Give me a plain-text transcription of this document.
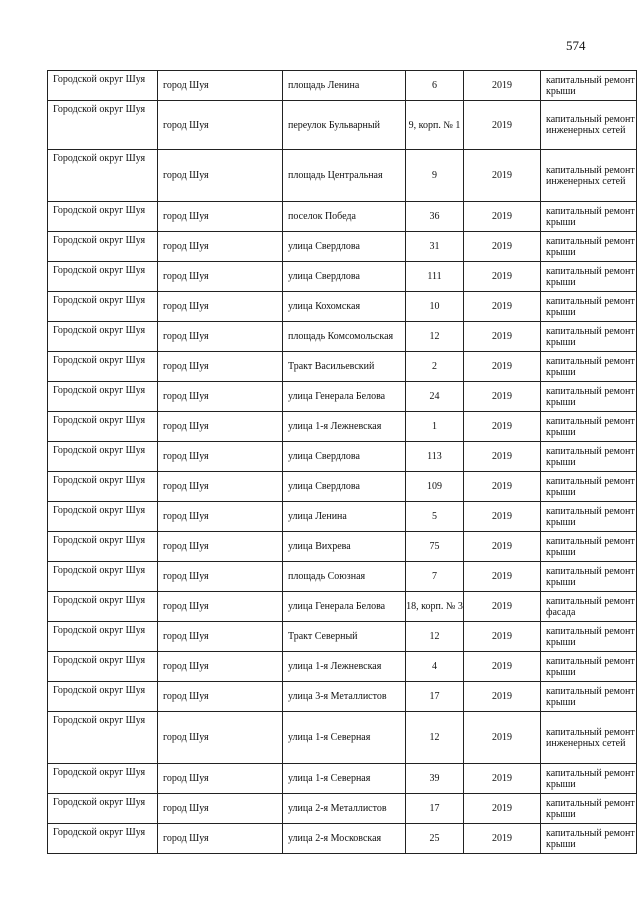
574
Городской округ Шуя	город Шуя	площадь Ленина	6	2019	капитальный ремонт крыши
Городской округ Шуя	город Шуя	переулок Бульварный	9, корп. № 1	2019	капитальный ремонт инженерных сетей
Городской округ Шуя	город Шуя	площадь Центральная	9	2019	капитальный ремонт инженерных сетей
Городской округ Шуя	город Шуя	поселок Победа	36	2019	капитальный ремонт крыши
Городской округ Шуя	город Шуя	улица Свердлова	31	2019	капитальный ремонт крыши
Городской округ Шуя	город Шуя	улица Свердлова	111	2019	капитальный ремонт крыши
Городской округ Шуя	город Шуя	улица Кохомская	10	2019	капитальный ремонт крыши
Городской округ Шуя	город Шуя	площадь Комсомольская	12	2019	капитальный ремонт крыши
Городской округ Шуя	город Шуя	Тракт Васильевский	2	2019	капитальный ремонт крыши
Городской округ Шуя	город Шуя	улица Генерала Белова	24	2019	капитальный ремонт крыши
Городской округ Шуя	город Шуя	улица 1-я Лежневская	1	2019	капитальный ремонт крыши
Городской округ Шуя	город Шуя	улица Свердлова	113	2019	капитальный ремонт крыши
Городской округ Шуя	город Шуя	улица Свердлова	109	2019	капитальный ремонт крыши
Городской округ Шуя	город Шуя	улица Ленина	5	2019	капитальный ремонт крыши
Городской округ Шуя	город Шуя	улица Вихрева	75	2019	капитальный ремонт крыши
Городской округ Шуя	город Шуя	площадь Союзная	7	2019	капитальный ремонт крыши
Городской округ Шуя	город Шуя	улица Генерала Белова	18, корп. № 3	2019	капитальный ремонт фасада
Городской округ Шуя	город Шуя	Тракт Северный	12	2019	капитальный ремонт крыши
Городской округ Шуя	город Шуя	улица 1-я Лежневская	4	2019	капитальный ремонт крыши
Городской округ Шуя	город Шуя	улица 3-я Металлистов	17	2019	капитальный ремонт крыши
Городской округ Шуя	город Шуя	улица 1-я Северная	12	2019	капитальный ремонт инженерных сетей
Городской округ Шуя	город Шуя	улица 1-я Северная	39	2019	капитальный ремонт крыши
Городской округ Шуя	город Шуя	улица 2-я Металлистов	17	2019	капитальный ремонт крыши
Городской округ Шуя	город Шуя	улица 2-я Московская	25	2019	капитальный ремонт крыши
